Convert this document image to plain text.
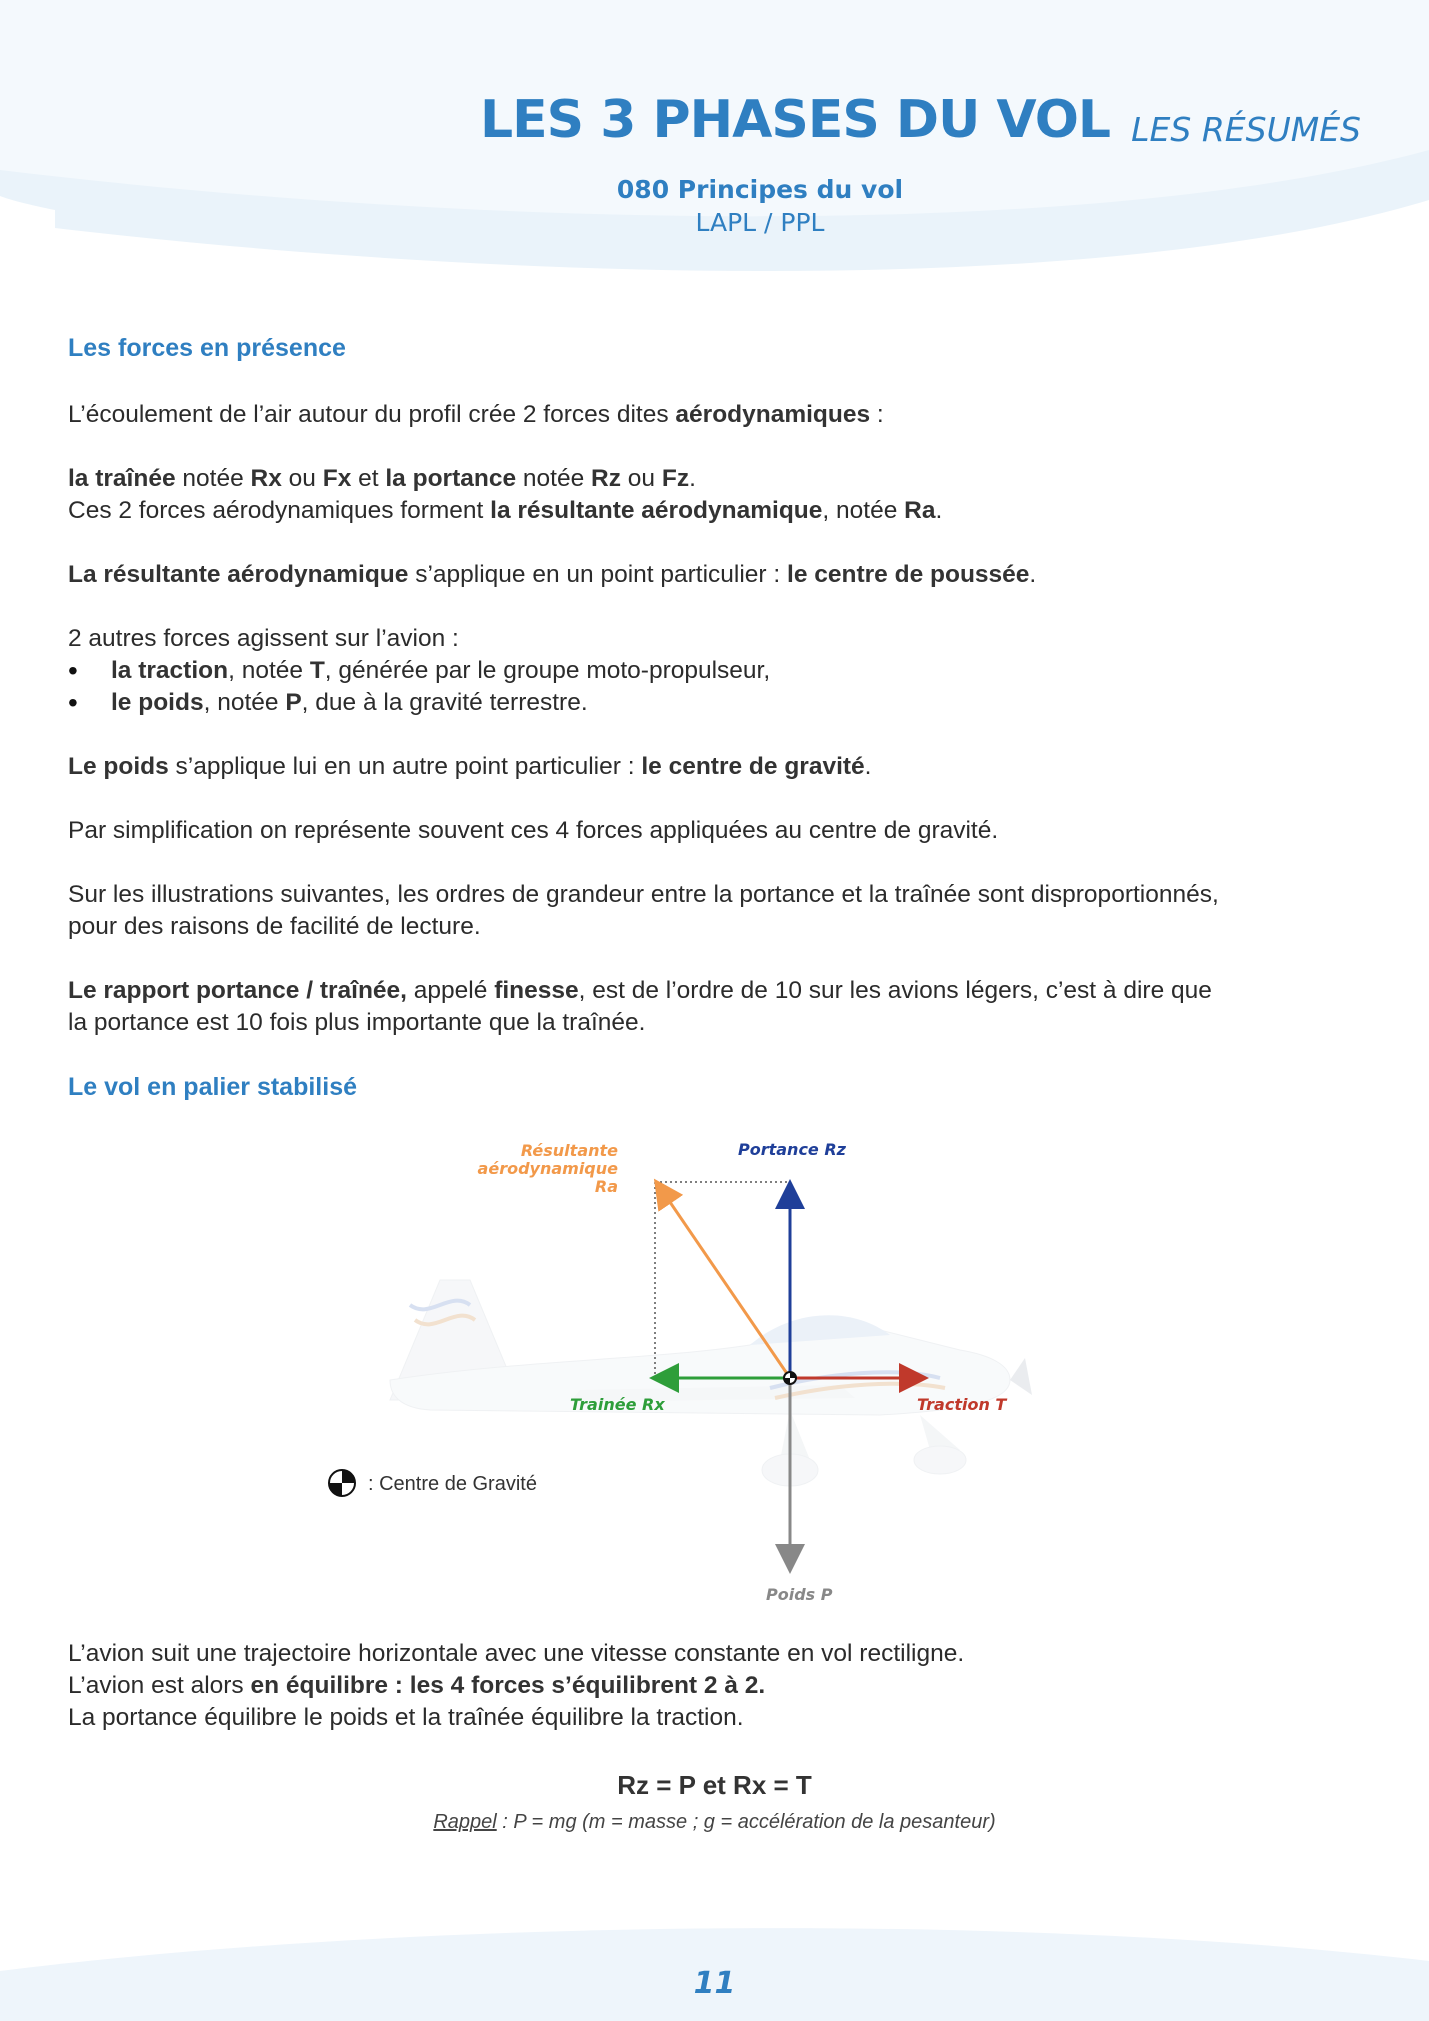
LES 3 PHASES DU VOL LES RÉSUMÉS
080 Principes du vol
LAPL / PPL

Les forces en présence

L’écoulement de l’air autour du profil crée 2 forces dites aérodynamiques :

la traînée notée Rx ou Fx et la portance notée Rz ou Fz.

Ces 2 forces aérodynamiques forment la résultante aérodynamique, notée Ra.

La résultante aérodynamique s’applique en un point particulier : le centre de poussée.

2 autres forces agissent sur l’avion :

• la traction, notée T, générée par le groupe moto-propulseur,
• le poids, notée P, due à la gravité terrestre.

Le poids s’applique lui en un autre point particulier : le centre de gravité.

Par simplification on représente souvent ces 4 forces appliquées au centre de gravité.

Sur les illustrations suivantes, les ordres de grandeur entre la portance et la traînée sont disproportionnés,

pour des raisons de facilité de lecture.

Le rapport portance / traînée, appelé finesse, est de l’ordre de 10 sur les avions légers, c’est à dire que

la portance est 10 fois plus importante que la traînée.

Le vol en palier stabilisé

Résultante
aérodynamique
Ra
Portance Rz
Trainée Rx	Traction T
Poids P
: Centre de Gravité

L’avion suit une trajectoire horizontale avec une vitesse constante en vol rectiligne.

L’avion est alors en équilibre : les 4 forces s’équilibrent 2 à 2.

La portance équilibre le poids et la traînée équilibre la traction.

Rz = P et Rx = T
Rappel : P = mg (m = masse ; g = accélération de la pesanteur)
11
